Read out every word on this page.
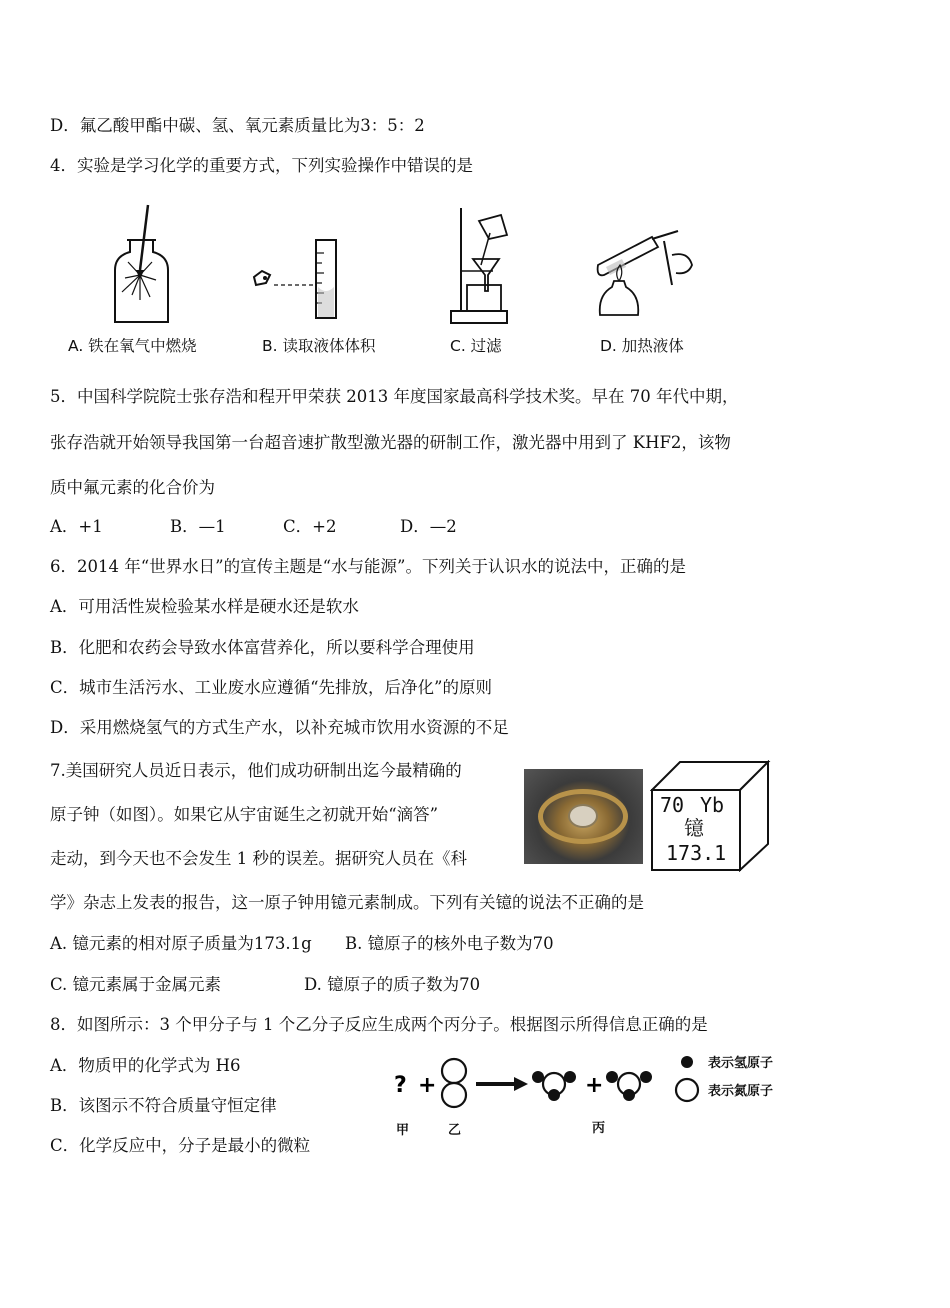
D．氟乙酸甲酯中碳、氢、氧元素质量比为3：5：2
4．实验是学习化学的重要方式，下列实验操作中错误的是
A. 铁在氧气中燃烧	B. 读取液体体积	C. 过滤	D. 加热液体
5．中国科学院院士张存浩和程开甲荣获 2013 年度国家最高科学技术奖。早在 70 年代中期，
张存浩就开始领导我国第一台超音速扩散型激光器的研制工作，激光器中用到了 KHF2，该物
质中氟元素的化合价为
A．+1	B．—1	C．+2	D．—2
6．2014 年“世界水日”的宣传主题是“水与能源”。下列关于认识水的说法中，正确的是
A．可用活性炭检验某水样是硬水还是软水
B．化肥和农药会导致水体富营养化，所以要科学合理使用
C．城市生活污水、工业废水应遵循“先排放，后净化”的原则
D．采用燃烧氢气的方式生产水，以补充城市饮用水资源的不足
7.美国研究人员近日表示，他们成功研制出迄今最精确的
原子钟（如图）。如果它从宇宙诞生之初就开始“滴答”
走动，到今天也不会发生 1 秒的误差。据研究人员在《科
70 Yb
镱
173.1
学》杂志上发表的报告，这一原子钟用镱元素制成。下列有关镱的说法不正确的是
A. 镱元素的相对原子质量为173.1g B. 镱原子的核外电子数为70
C. 镱元素属于金属元素	D. 镱原子的质子数为70
8．如图所示：3 个甲分子与 1 个乙分子反应生成两个丙分子。根据图示所得信息正确的是
A．物质甲的化学式为 H6
B．该图示不符合质量守恒定律
C．化学反应中，分子是最小的微粒
? +	+
表示氢原子
表示氮原子
甲	乙	丙
